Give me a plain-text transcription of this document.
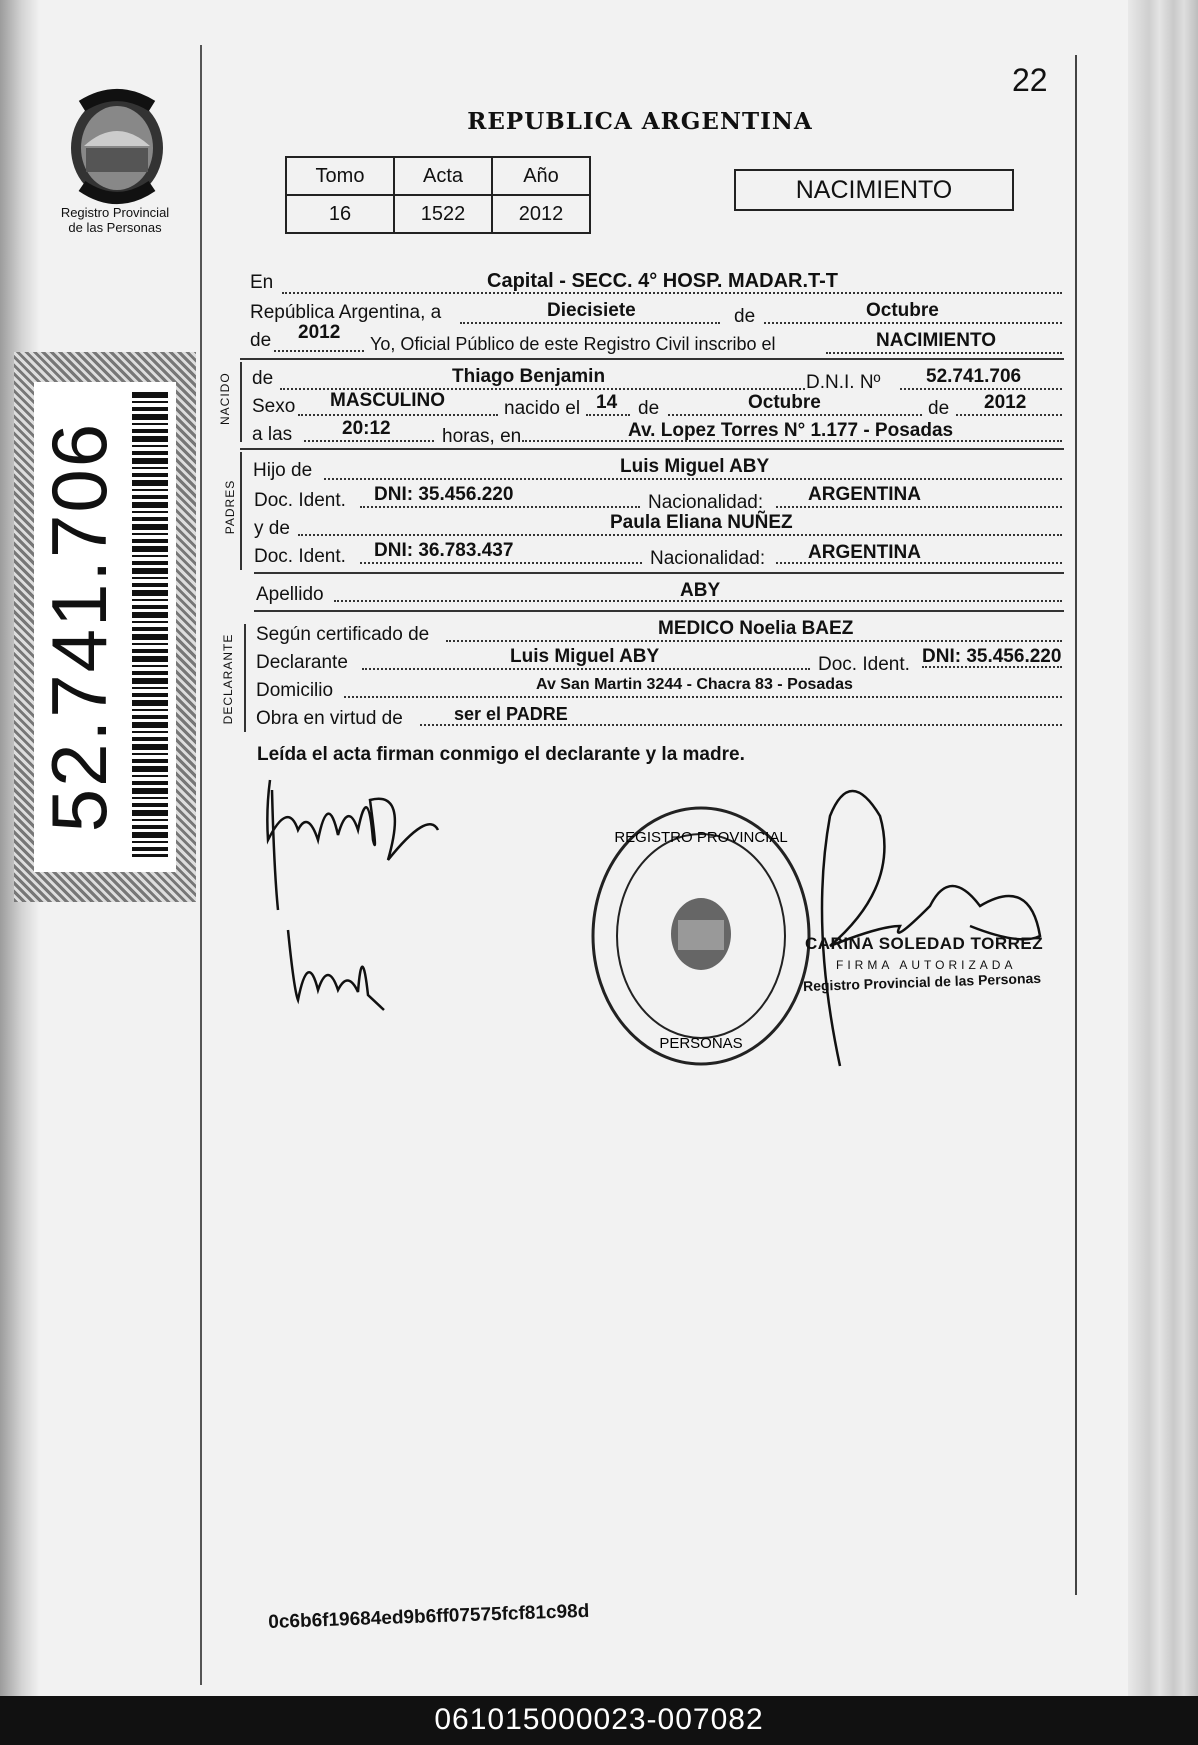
Registro Provincial
de las Personas
52.741.706
22
REPUBLICA ARGENTINA
Tomo	Acta	Año
16	1522	2012
NACIMIENTO
En	Capital - SECC. 4° HOSP. MADAR.T-T
República Argentina, a	Diecisiete	de	Octubre
de 2012
Yo, Oficial Público de este Registro Civil inscribo el	NACIMIENTO
NACIDO de	Thiago Benjamin	D.N.I. Nº 52.741.706
Sexo MASCULINO	nacido el 14 de	Octubre	de 2012
a las	20:12	horas, en	Av. Lopez Torres N° 1.177 - Posadas
PADRES
Hijo de	Luis Miguel ABY
Doc. Ident. DNI: 35.456.220	Nacionalidad: ARGENTINA
y de	Paula Eliana NUÑEZ
Doc. Ident. DNI: 36.783.437	Nacionalidad: ARGENTINA
Apellido	ABY
DECLARANTE Según certificado de	MEDICO Noelia BAEZ
Declarante	Luis Miguel ABY	Doc. Ident. DNI: 35.456.220
Domicilio	Av San Martin 3244 - Chacra 83 - Posadas
Obra en virtud de	ser el PADRE
Leída el acta firman conmigo el declarante y la madre.
REGISTRO PROVINCIAL
PERSONAS
CARINA SOLEDAD TORREZ
FIRMA AUTORIZADA
Registro Provincial de las Personas
0c6b6f19684ed9b6ff07575fcf81c98d
061015000023-007082
